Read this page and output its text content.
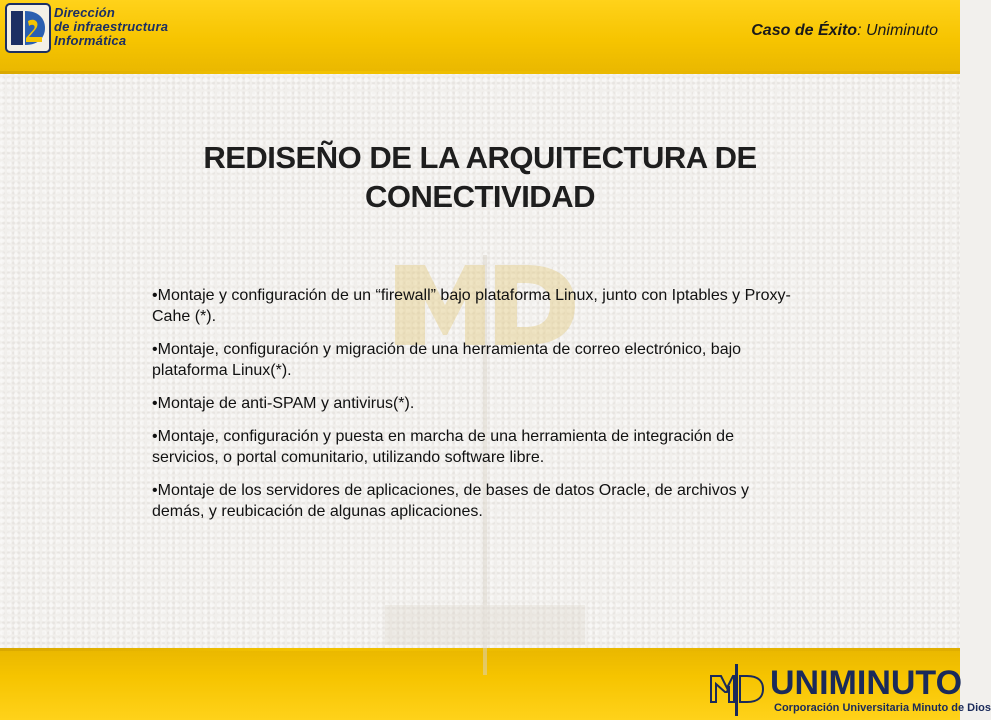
Dirección
de infraestructura
Informática
Caso de Éxito: Uniminuto
REDISEÑO DE LA ARQUITECTURA DE
CONECTIVIDAD
• Montaje y configuración de un “firewall” bajo plataforma Linux, junto con Iptables y Proxy-Cahe (*).
• Montaje, configuración y migración de una herramienta de correo electrónico, bajo plataforma Linux(*).
• Montaje de anti-SPAM y antivirus(*).
• Montaje, configuración y puesta en marcha de una herramienta de integración de servicios, o portal comunitario, utilizando software libre.
• Montaje de los servidores de aplicaciones, de bases de datos Oracle, de archivos y demás, y reubicación de algunas aplicaciones.
UNIMINUTO
Corporación Universitaria Minuto de Dios
